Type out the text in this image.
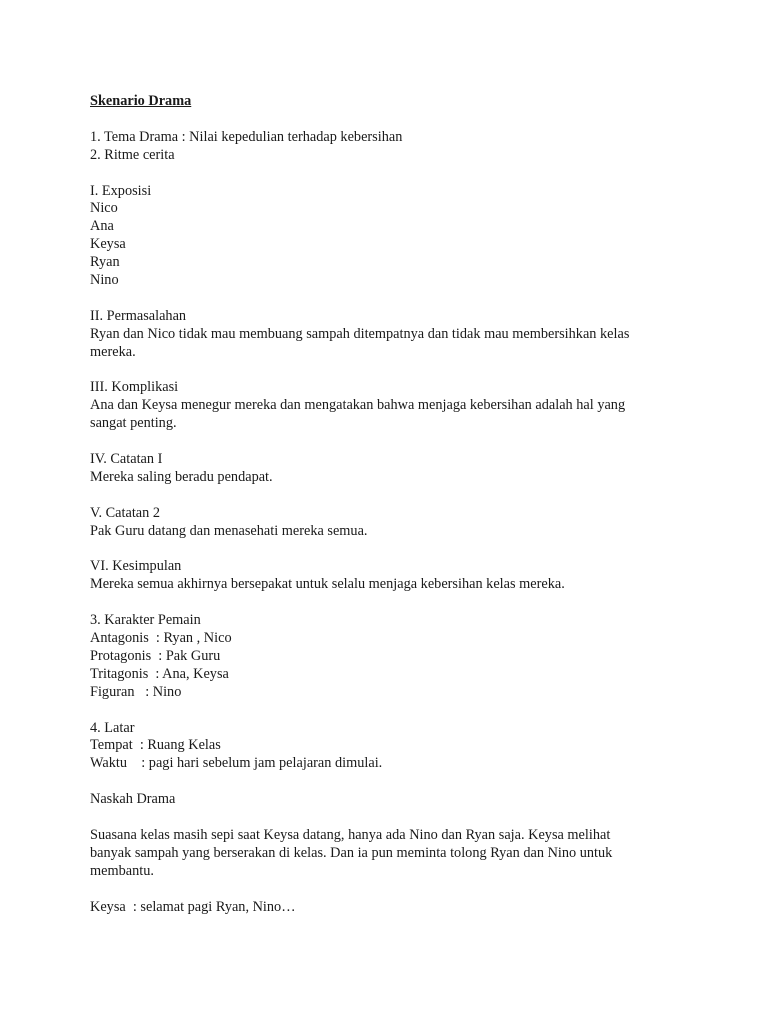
Skenario Drama
1. Tema Drama : Nilai kepedulian terhadap kebersihan
2. Ritme cerita
I. Exposisi
Nico
Ana
Keysa
Ryan
Nino
II. Permasalahan
Ryan dan Nico tidak mau membuang sampah ditempatnya dan tidak mau membersihkan kelas
mereka.
III. Komplikasi
Ana dan Keysa menegur mereka dan mengatakan bahwa menjaga kebersihan adalah hal yang
sangat penting.
IV. Catatan I
Mereka saling beradu pendapat.
V. Catatan 2
Pak Guru datang dan menasehati mereka semua.
VI. Kesimpulan
Mereka semua akhirnya bersepakat untuk selalu menjaga kebersihan kelas mereka.
3. Karakter Pemain
Antagonis  : Ryan , Nico
Protagonis  : Pak Guru
Tritagonis  : Ana, Keysa
Figuran   : Nino
4. Latar
Tempat  : Ruang Kelas
Waktu    : pagi hari sebelum jam pelajaran dimulai.
Naskah Drama
Suasana kelas masih sepi saat Keysa datang, hanya ada Nino dan Ryan saja. Keysa melihat
banyak sampah yang berserakan di kelas. Dan ia pun meminta tolong Ryan dan Nino untuk
membantu.
Keysa  : selamat pagi Ryan, Nino…
